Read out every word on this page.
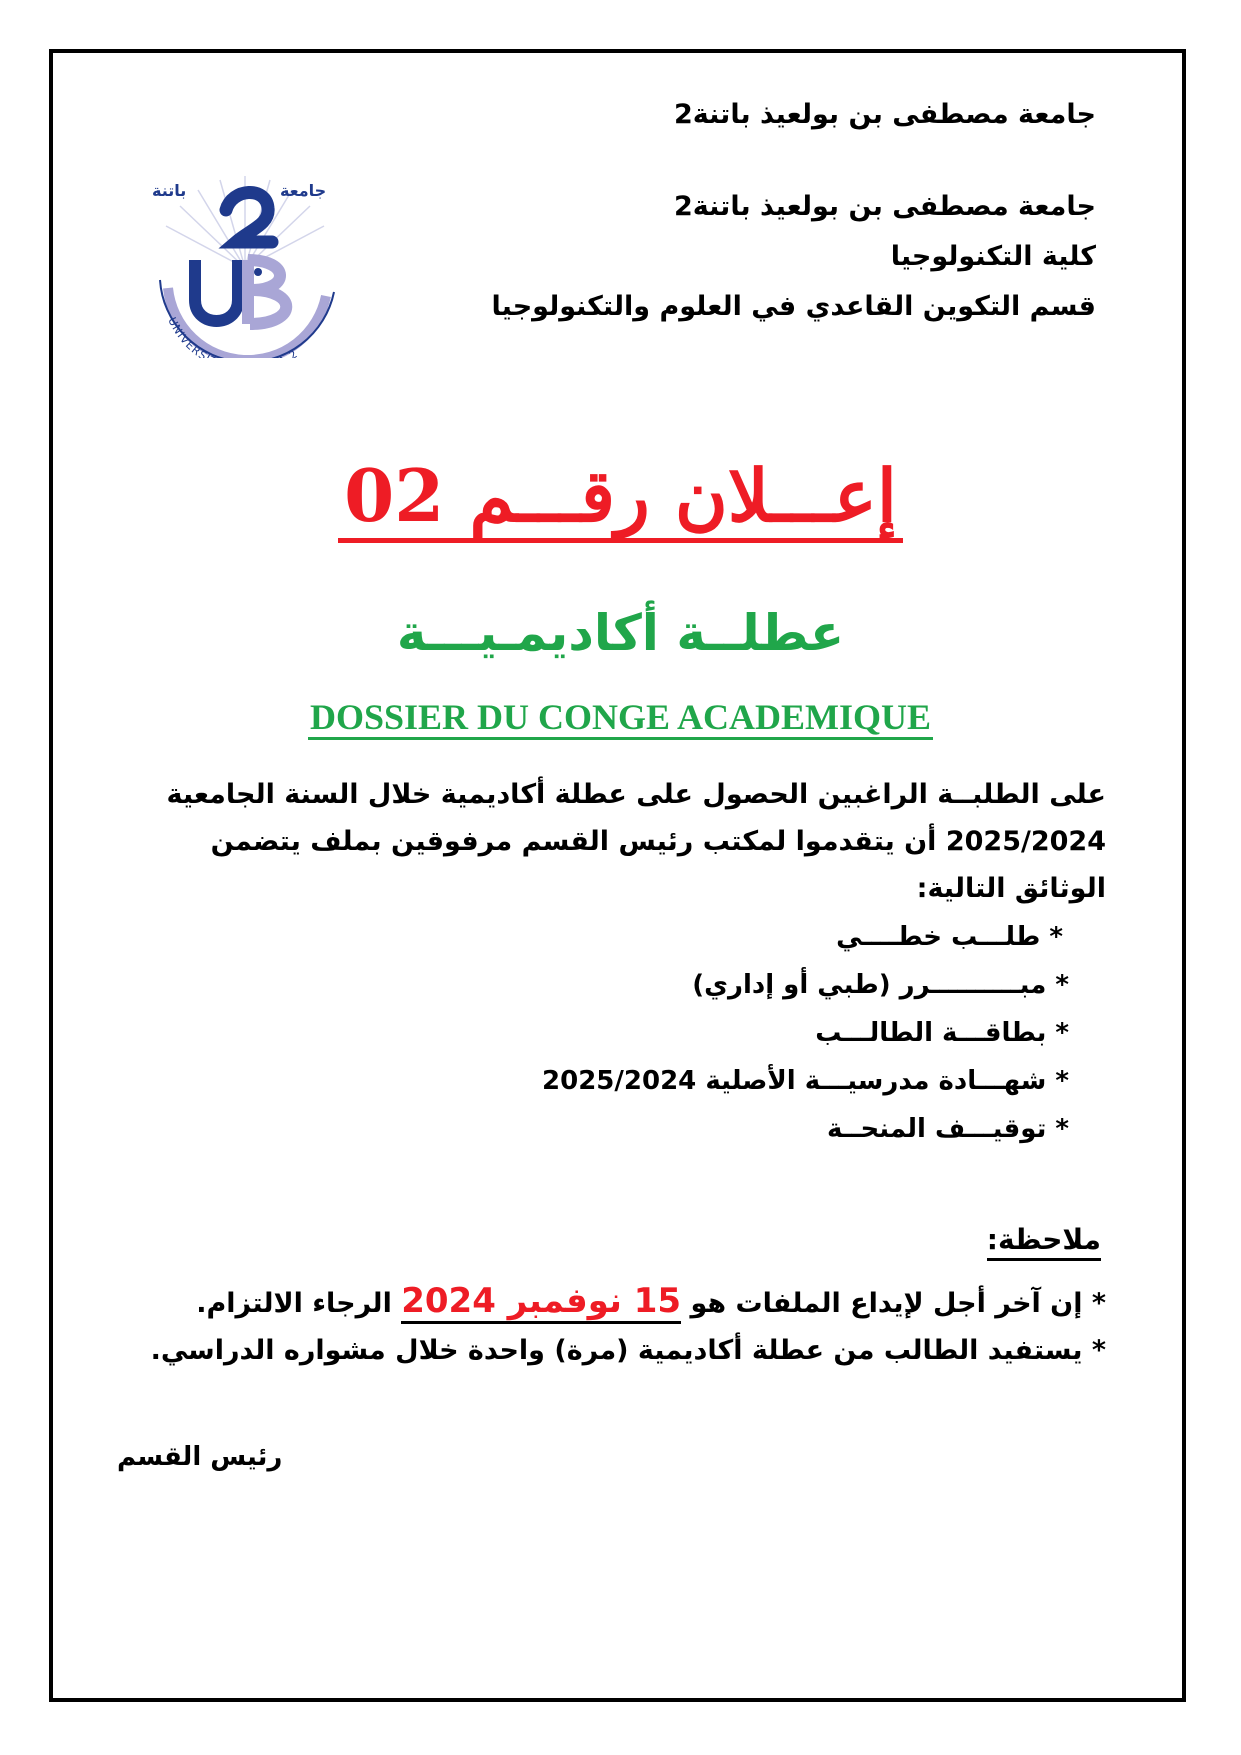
جامعة مصطفى بن بولعيذ باتنة2
جامعة مصطفى بن بولعيذ باتنة2
كلية التكنولوجيا
قسم التكوين القاعدي في العلوم والتكنولوجيا
باتنة	جامعة
UNIVERS 2
إعـــلان رقـــم 02
عطلــة أكاديمـيـــة
DOSSIER DU CONGE ACADEMIQUE
على الطلبــة الراغبين الحصول على عطلة أكاديمية خلال السنة الجامعية
2025/2024 أن يتقدموا لمكتب رئيس القسم مرفوقين بملف يتضمن
الوثائق التالية:
* طلـــب خطــــي
* مبــــــــــرر (طبي أو إداري)
* بطاقـــة الطالـــب
* شهـــادة مدرسيـــة الأصلية 2025/2024
* توقيـــف المنحــة
ملاحظة:
* إن آخر أجل لإيداع الملفات هو 15 نوفمبر 2024 الرجاء الالتزام.
* يستفيد الطالب من عطلة أكاديمية (مرة) واحدة خلال مشواره الدراسي.
رئيس القسم
